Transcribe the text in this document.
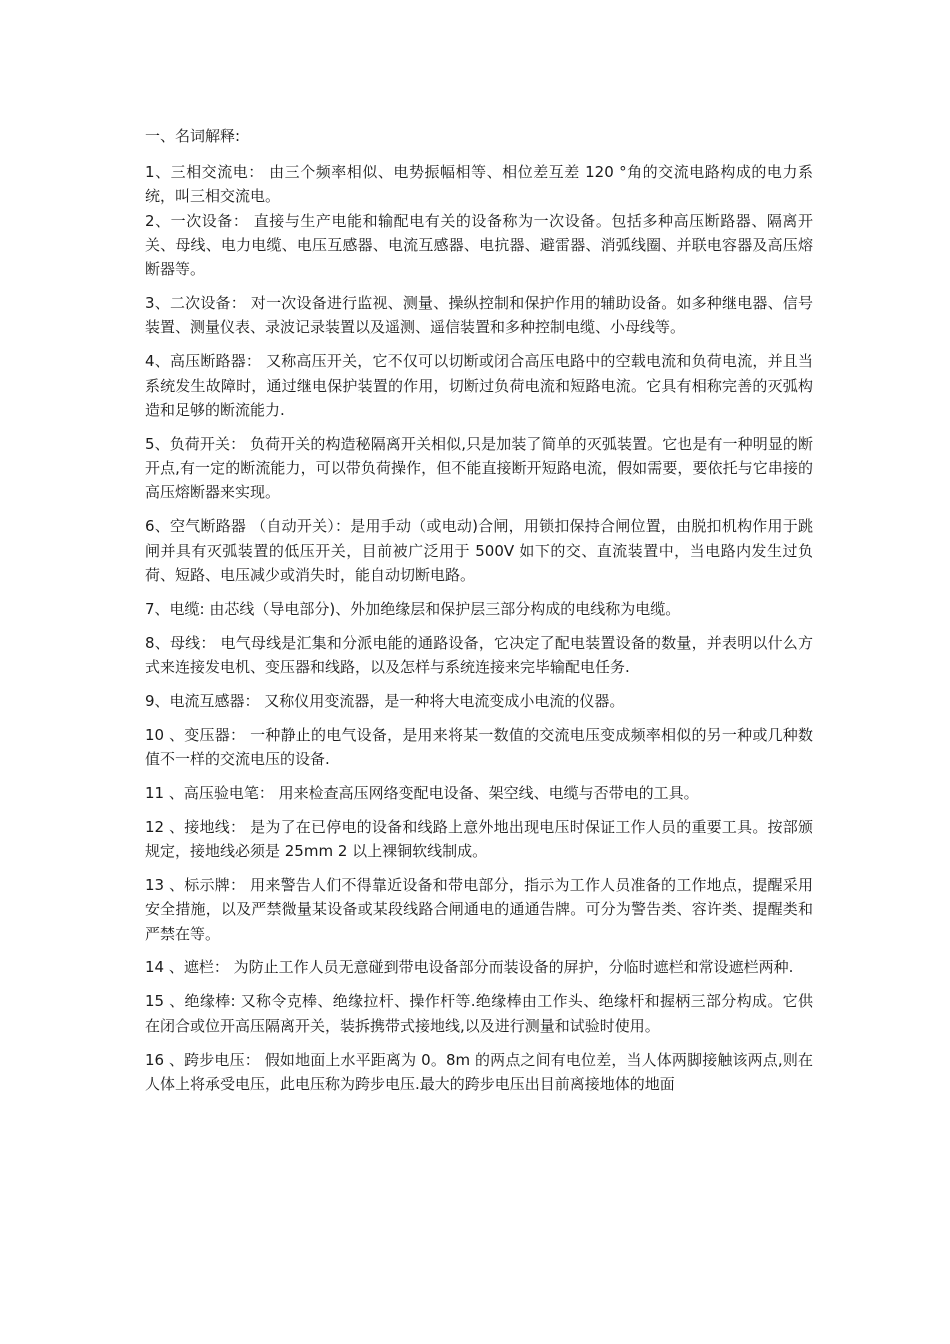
一、名词解释:

1、三相交流电： 由三个频率相似、电势振幅相等、相位差互差 120 °角的交流电路构成的电力系统，叫三相交流电。

2、一次设备： 直接与生产电能和输配电有关的设备称为一次设备。包括多种高压断路器、隔离开关、母线、电力电缆、电压互感器、电流互感器、电抗器、避雷器、消弧线圈、并联电容器及高压熔断器等。

3、二次设备： 对一次设备进行监视、测量、操纵控制和保护作用的辅助设备。如多种继电器、信号装置、测量仪表、录波记录装置以及遥测、遥信装置和多种控制电缆、小母线等。

4、高压断路器： 又称高压开关，它不仅可以切断或闭合高压电路中的空载电流和负荷电流，并且当系统发生故障时，通过继电保护装置的作用，切断过负荷电流和短路电流。它具有相称完善的灭弧构造和足够的断流能力.

5、负荷开关： 负荷开关的构造秘隔离开关相似,只是加装了简单的灭弧装置。它也是有一种明显的断开点,有一定的断流能力，可以带负荷操作，但不能直接断开短路电流，假如需要，要依托与它串接的高压熔断器来实现。

6、空气断路器 （自动开关）：是用手动（或电动)合闸，用锁扣保持合闸位置，由脱扣机构作用于跳闸并具有灭弧装置的低压开关，目前被广泛用于 500V 如下的交、直流装置中，当电路内发生过负荷、短路、电压减少或消失时，能自动切断电路。

7、电缆: 由芯线（导电部分)、外加绝缘层和保护层三部分构成的电线称为电缆。

8、母线： 电气母线是汇集和分派电能的通路设备，它决定了配电装置设备的数量，并表明以什么方式来连接发电机、变压器和线路，以及怎样与系统连接来完毕输配电任务.

9、电流互感器： 又称仪用变流器，是一种将大电流变成小电流的仪器。

10 、变压器： 一种静止的电气设备，是用来将某一数值的交流电压变成频率相似的另一种或几种数值不一样的交流电压的设备.

11 、高压验电笔： 用来检查高压网络变配电设备、架空线、电缆与否带电的工具。

12 、接地线： 是为了在已停电的设备和线路上意外地出现电压时保证工作人员的重要工具。按部颁规定，接地线必须是 25mm 2 以上裸铜软线制成。

13 、标示牌： 用来警告人们不得靠近设备和带电部分，指示为工作人员准备的工作地点，提醒采用安全措施，以及严禁微量某设备或某段线路合闸通电的通通告牌。可分为警告类、容许类、提醒类和严禁在等。

14 、遮栏： 为防止工作人员无意碰到带电设备部分而装设备的屏护，分临时遮栏和常设遮栏两种.

15 、绝缘棒: 又称令克棒、绝缘拉杆、操作杆等.绝缘棒由工作头、绝缘杆和握柄三部分构成。它供在闭合或位开高压隔离开关，装拆携带式接地线,以及进行测量和试验时使用。

16 、跨步电压： 假如地面上水平距离为 0。8m 的两点之间有电位差，当人体两脚接触该两点,则在人体上将承受电压，此电压称为跨步电压.最大的跨步电压出目前离接地体的地面
